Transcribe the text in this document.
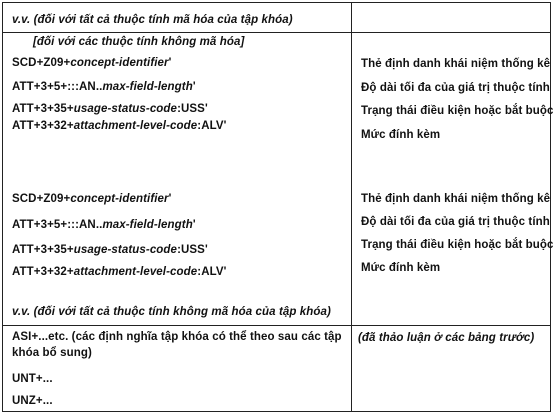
v.v. (đối với tất cả thuộc tính mã hóa của tập khóa)
[đối với các thuộc tính không mã hóa]
SCD+Z09+concept-identifier'
ATT+3+5+:::AN..max-field-length'
ATT+3+35+usage-status-code:USS'
ATT+3+32+attachment-level-code:ALV'
Thẻ định danh khái niệm thống kê
Độ dài tối đa của giá trị thuộc tính
Trạng thái điều kiện hoặc bắt buộc
Mức đính kèm
SCD+Z09+concept-identifier'
ATT+3+5+:::AN..max-field-length'
ATT+3+35+usage-status-code:USS'
ATT+3+32+attachment-level-code:ALV'
Thẻ định danh khái niệm thống kê
Độ dài tối đa của giá trị thuộc tính
Trạng thái điều kiện hoặc bắt buộc
Mức đính kèm
v.v. (đối với tất cả thuộc tính không mã hóa của tập khóa)
ASI+...etc. (các định nghĩa tập khóa có thể theo sau các tập
khóa bổ sung)
UNT+...
UNZ+...
(đã thảo luận ở các bảng trước)
